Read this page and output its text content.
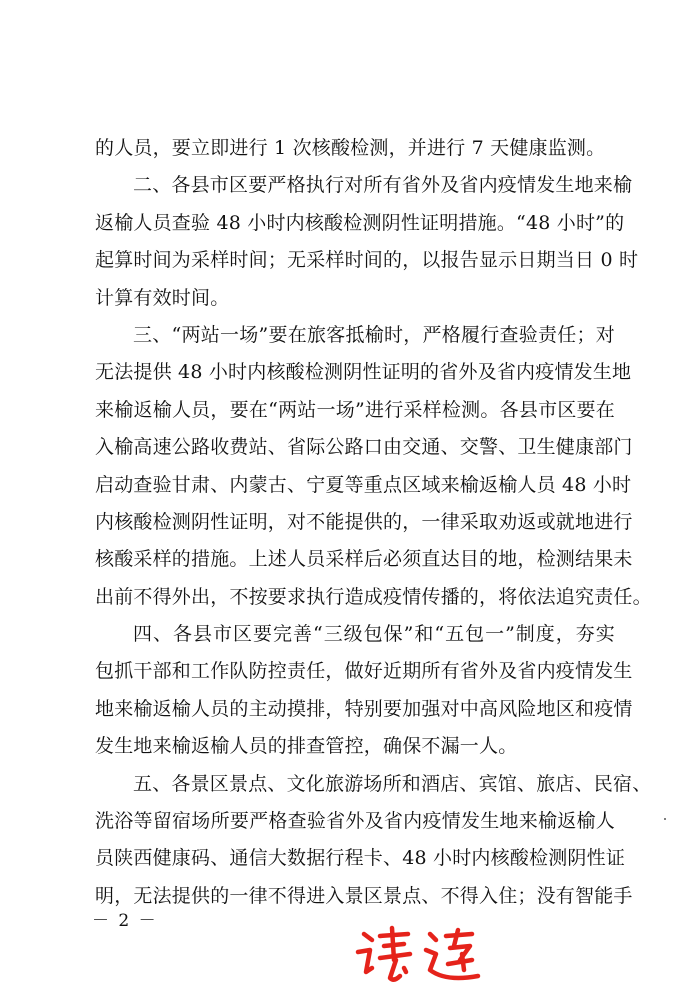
的人员，要立即进行 1 次核酸检测，并进行 7 天健康监测。
二、各县市区要严格执行对所有省外及省内疫情发生地来榆
返榆人员查验 48 小时内核酸检测阴性证明措施。“48 小时”的
起算时间为采样时间；无采样时间的，以报告显示日期当日 0 时
计算有效时间。
三、“两站一场”要在旅客抵榆时，严格履行查验责任；对
无法提供 48 小时内核酸检测阴性证明的省外及省内疫情发生地
来榆返榆人员，要在“两站一场”进行采样检测。各县市区要在
入榆高速公路收费站、省际公路口由交通、交警、卫生健康部门
启动查验甘肃、内蒙古、宁夏等重点区域来榆返榆人员 48 小时
内核酸检测阴性证明，对不能提供的，一律采取劝返或就地进行
核酸采样的措施。上述人员采样后必须直达目的地，检测结果未
出前不得外出，不按要求执行造成疫情传播的，将依法追究责任。
四、各县市区要完善“三级包保”和“五包一”制度，夯实
包抓干部和工作队防控责任，做好近期所有省外及省内疫情发生
地来榆返榆人员的主动摸排，特别要加强对中高风险地区和疫情
发生地来榆返榆人员的排查管控，确保不漏一人。
五、各景区景点、文化旅游场所和酒店、宾馆、旅店、民宿、
洗浴等留宿场所要严格查验省外及省内疫情发生地来榆返榆人
员陕西健康码、通信大数据行程卡、48 小时内核酸检测阴性证
明，无法提供的一律不得进入景区景点、不得入住；没有智能手
－ 2 －
